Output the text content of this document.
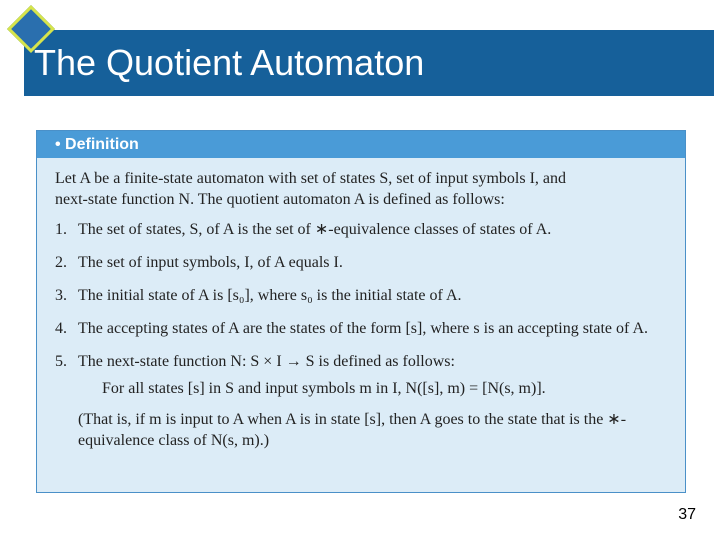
The Quotient Automaton
• Definition
Let A be a finite-state automaton with set of states S, set of input symbols I, and
next-state function N. The quotient automaton A is defined as follows:
1. The set of states, S, of A is the set of ∗-equivalence classes of states of A.
2. The set of input symbols, I, of A equals I.
3. The initial state of A is [s₀], where s₀ is the initial state of A.
4. The accepting states of A are the states of the form [s], where s is an accepting state of A.
5. The next-state function N: S × I → S is defined as follows:
For all states [s] in S and input symbols m in I, N([s], m) = [N(s, m)].
(That is, if m is input to A when A is in state [s], then A goes to the state that is the ∗-equivalence class of N(s, m).)
37
